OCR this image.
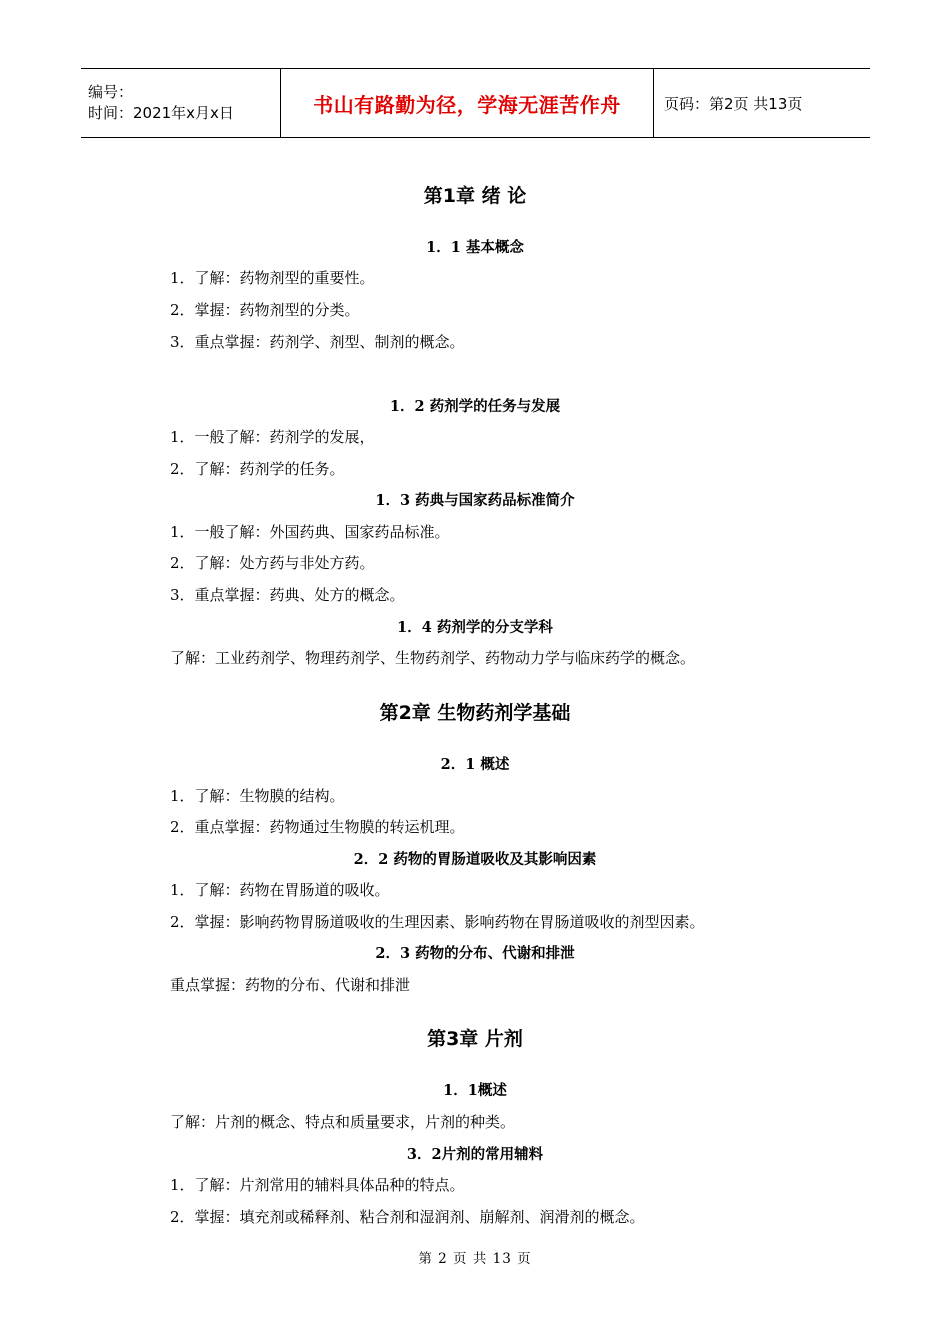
编号：
时间：2021年x月x日	书山有路勤为径，学海无涯苦作舟	页码：第2页 共13页
第1章 绪 论
1．1 基本概念
1．了解：药物剂型的重要性。
2．掌握：药物剂型的分类。
3．重点掌握：药剂学、剂型、制剂的概念。
1．2 药剂学的任务与发展
1．一般了解：药剂学的发展，
2．了解：药剂学的任务。
1．3 药典与国家药品标准简介
1．一般了解：外国药典、国家药品标准。
2．了解：处方药与非处方药。
3．重点掌握：药典、处方的概念。
1．4 药剂学的分支学科
了解：工业药剂学、物理药剂学、生物药剂学、药物动力学与临床药学的概念。
第2章 生物药剂学基础
2．1 概述
1．了解：生物膜的结构。
2．重点掌握：药物通过生物膜的转运机理。
2．2 药物的胃肠道吸收及其影响因素
1．了解：药物在胃肠道的吸收。
2．掌握：影响药物胃肠道吸收的生理因素、影响药物在胃肠道吸收的剂型因素。
2．3 药物的分布、代谢和排泄
重点掌握：药物的分布、代谢和排泄
第3章 片剂
1．1概述
了解：片剂的概念、特点和质量要求，片剂的种类。
3．2片剂的常用辅料
1．了解：片剂常用的辅料具体品种的特点。
2．掌握：填充剂或稀释剂、粘合剂和湿润剂、崩解剂、润滑剂的概念。
第 2 页 共 13 页
